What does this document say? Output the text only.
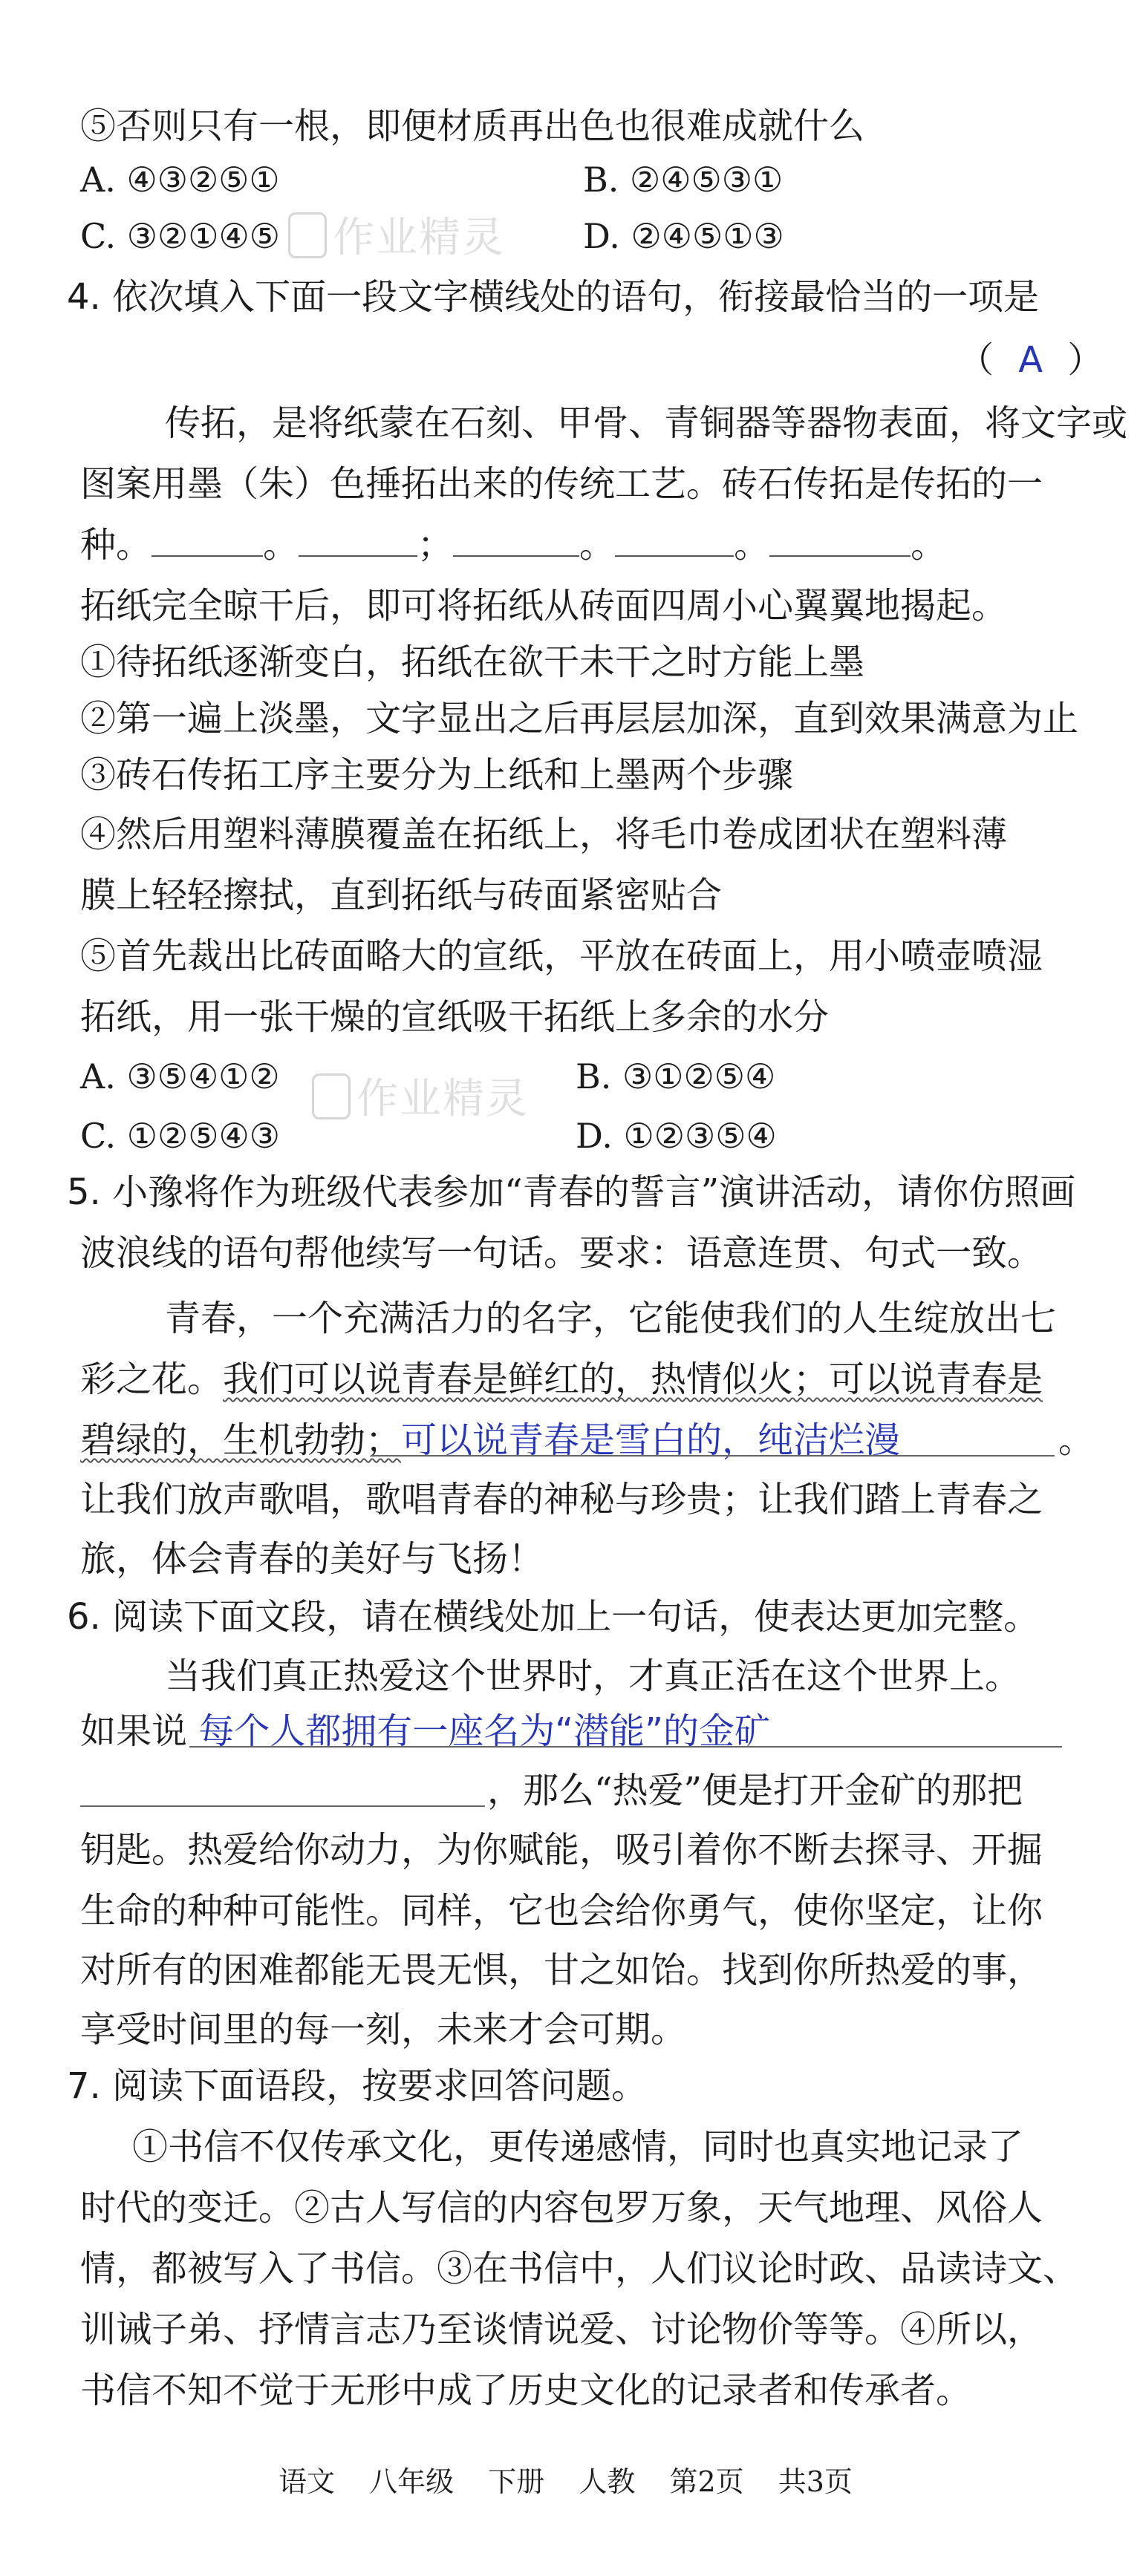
⑤否则只有一根，即便材质再出色也很难成就什么
A. ④③②⑤①	B. ②④⑤③①
C. ③②①④⑤	D. ②④⑤①③
作业精灵
4. 依次填入下面一段文字横线处的语句，衔接最恰当的一项是
（ A ）
传拓，是将纸蒙在石刻、甲骨、青铜器等器物表面，将文字或
图案用墨（朱）色捶拓出来的传统工艺。砖石传拓是传拓的一
种。	。	；	。	。	。
拓纸完全晾干后，即可将拓纸从砖面四周小心翼翼地揭起。
①待拓纸逐渐变白，拓纸在欲干未干之时方能上墨
②第一遍上淡墨，文字显出之后再层层加深，直到效果满意为止
③砖石传拓工序主要分为上纸和上墨两个步骤
④然后用塑料薄膜覆盖在拓纸上，将毛巾卷成团状在塑料薄
膜上轻轻擦拭，直到拓纸与砖面紧密贴合
⑤首先裁出比砖面略大的宣纸，平放在砖面上，用小喷壶喷湿
拓纸，用一张干燥的宣纸吸干拓纸上多余的水分
A. ③⑤④①②	B. ③①②⑤④
C. ①②⑤④③	D. ①②③⑤④
作业精灵
5. 小豫将作为班级代表参加“青春的誓言”演讲活动，请你仿照画
波浪线的语句帮他续写一句话。要求：语意连贯、句式一致。
青春，一个充满活力的名字，它能使我们的人生绽放出七
彩之花。我们可以说青春是鲜红的，热情似火；可以说青春是
碧绿的，生机勃勃；可以说青春是雪白的，纯洁烂漫	。
让我们放声歌唱，歌唱青春的神秘与珍贵；让我们踏上青春之
旅，体会青春的美好与飞扬！
6. 阅读下面文段，请在横线处加上一句话，使表达更加完整。
当我们真正热爱这个世界时，才真正活在这个世界上。
如果说 每个人都拥有一座名为“潜能”的金矿
，那么“热爱”便是打开金矿的那把
钥匙。热爱给你动力，为你赋能，吸引着你不断去探寻、开掘
生命的种种可能性。同样，它也会给你勇气，使你坚定，让你
对所有的困难都能无畏无惧，甘之如饴。找到你所热爱的事，
享受时间里的每一刻，未来才会可期。
7. 阅读下面语段，按要求回答问题。
①书信不仅传承文化，更传递感情，同时也真实地记录了
时代的变迁。②古人写信的内容包罗万象，天气地理、风俗人
情，都被写入了书信。③在书信中，人们议论时政、品读诗文、
训诫子弟、抒情言志乃至谈情说爱、讨论物价等等。④所以，
书信不知不觉于无形中成了历史文化的记录者和传承者。
语文 八年级 下册 人教 第2页 共3页
